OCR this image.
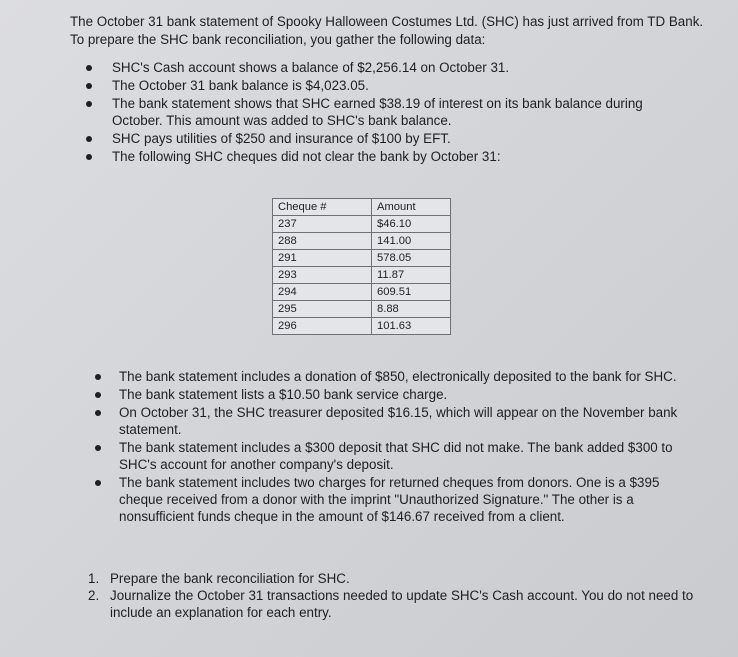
The October 31 bank statement of Spooky Halloween Costumes Ltd. (SHC) has just arrived from TD Bank. To prepare the SHC bank reconciliation, you gather the following data:
SHC's Cash account shows a balance of $2,256.14 on October 31.
The October 31 bank balance is $4,023.05.
The bank statement shows that SHC earned $38.19 of interest on its bank balance during October. This amount was added to SHC's bank balance.
SHC pays utilities of $250 and insurance of $100 by EFT.
The following SHC cheques did not clear the bank by October 31:
Cheque #	Amount
237	$46.10
288	141.00
291	578.05
293	11.87
294	609.51
295	8.88
296	101.63
The bank statement includes a donation of $850, electronically deposited to the bank for SHC.
The bank statement lists a $10.50 bank service charge.
On October 31, the SHC treasurer deposited $16.15, which will appear on the November bank statement.
The bank statement includes a $300 deposit that SHC did not make. The bank added $300 to SHC's account for another company's deposit.
The bank statement includes two charges for returned cheques from donors. One is a $395 cheque received from a donor with the imprint "Unauthorized Signature." The other is a nonsufficient funds cheque in the amount of $146.67 received from a client.
1. Prepare the bank reconciliation for SHC.
2. Journalize the October 31 transactions needed to update SHC's Cash account. You do not need to include an explanation for each entry.
